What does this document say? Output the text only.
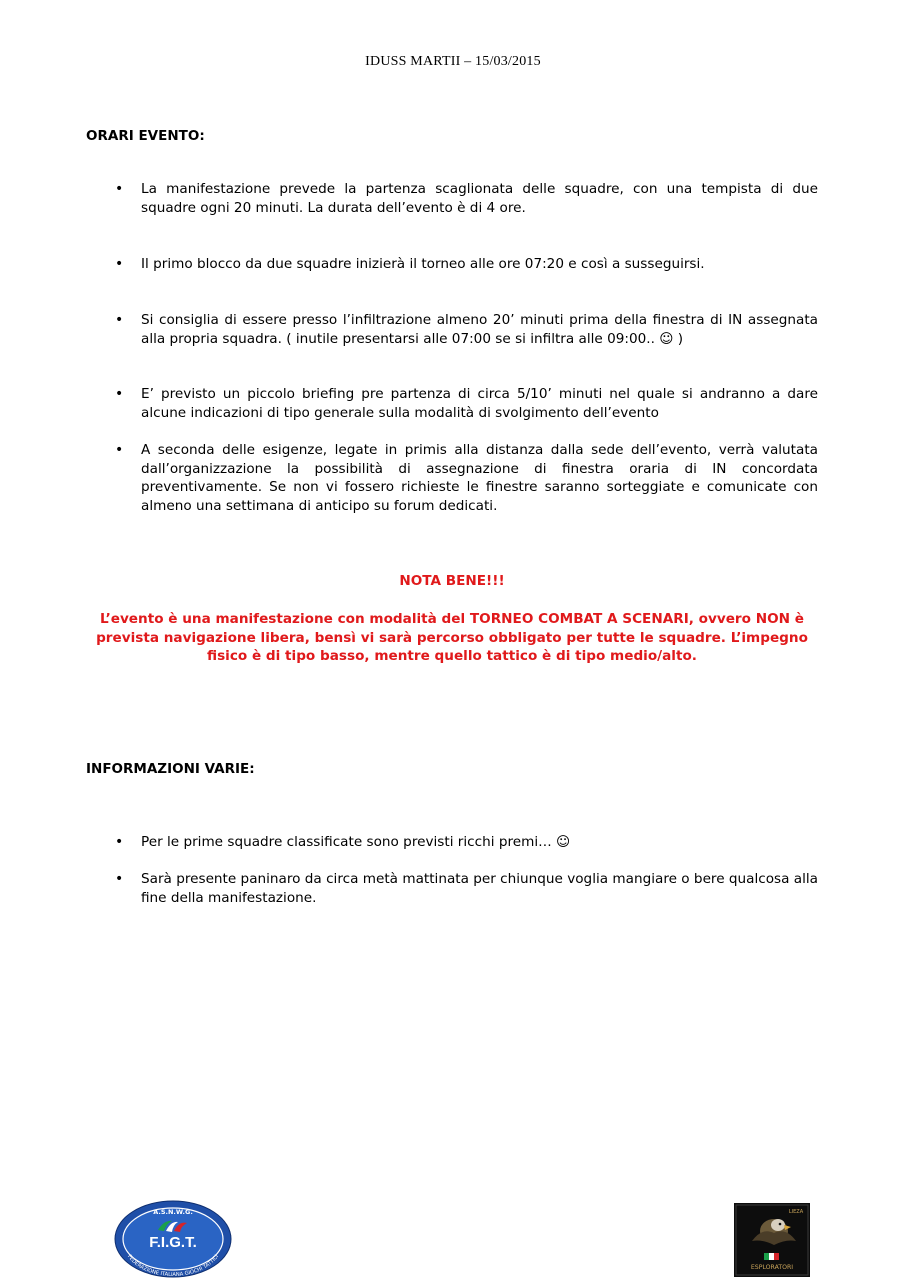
IDUSS MARTII – 15/03/2015
ORARI EVENTO:
• La manifestazione prevede la partenza scaglionata delle squadre, con una tempista di due squadre ogni 20 minuti. La durata dell’evento è di 4 ore.
• Il primo blocco da due squadre inizierà il torneo alle ore 07:20 e così a susseguirsi.
• Si consiglia di essere presso l’infiltrazione almeno 20’ minuti prima della finestra di IN assegnata alla propria squadra. ( inutile presentarsi alle 07:00 se si infiltra alle 09:00.. ☺ )
• E’ previsto un piccolo briefing pre partenza di circa 5/10’ minuti nel quale si andranno a dare alcune indicazioni di tipo generale sulla modalità di svolgimento dell’evento
• A seconda delle esigenze, legate in primis alla distanza dalla sede dell’evento, verrà valutata dall’organizzazione la possibilità di assegnazione di finestra oraria di IN concordata preventivamente. Se non vi fossero richieste le finestre saranno sorteggiate e comunicate con almeno una settimana di anticipo su forum dedicati.
NOTA BENE!!!
L’evento è una manifestazione con modalità del TORNEO COMBAT A SCENARI, ovvero NON è prevista navigazione libera, bensì vi sarà percorso obbligato per tutte le squadre. L’impegno fisico è di tipo basso, mentre quello tattico è di tipo medio/alto.
INFORMAZIONI VARIE:
• Per le prime squadre classificate sono previsti ricchi premi… ☺
• Sarà presente paninaro da circa metà mattinata per chiunque voglia mangiare o bere qualcosa alla fine della manifestazione.
A.S.N.W.G.
F.I.G.T.
FEDERAZIONE ITALIANA GIOCHI TATTICI
LIEZA
ESPLORATORI
